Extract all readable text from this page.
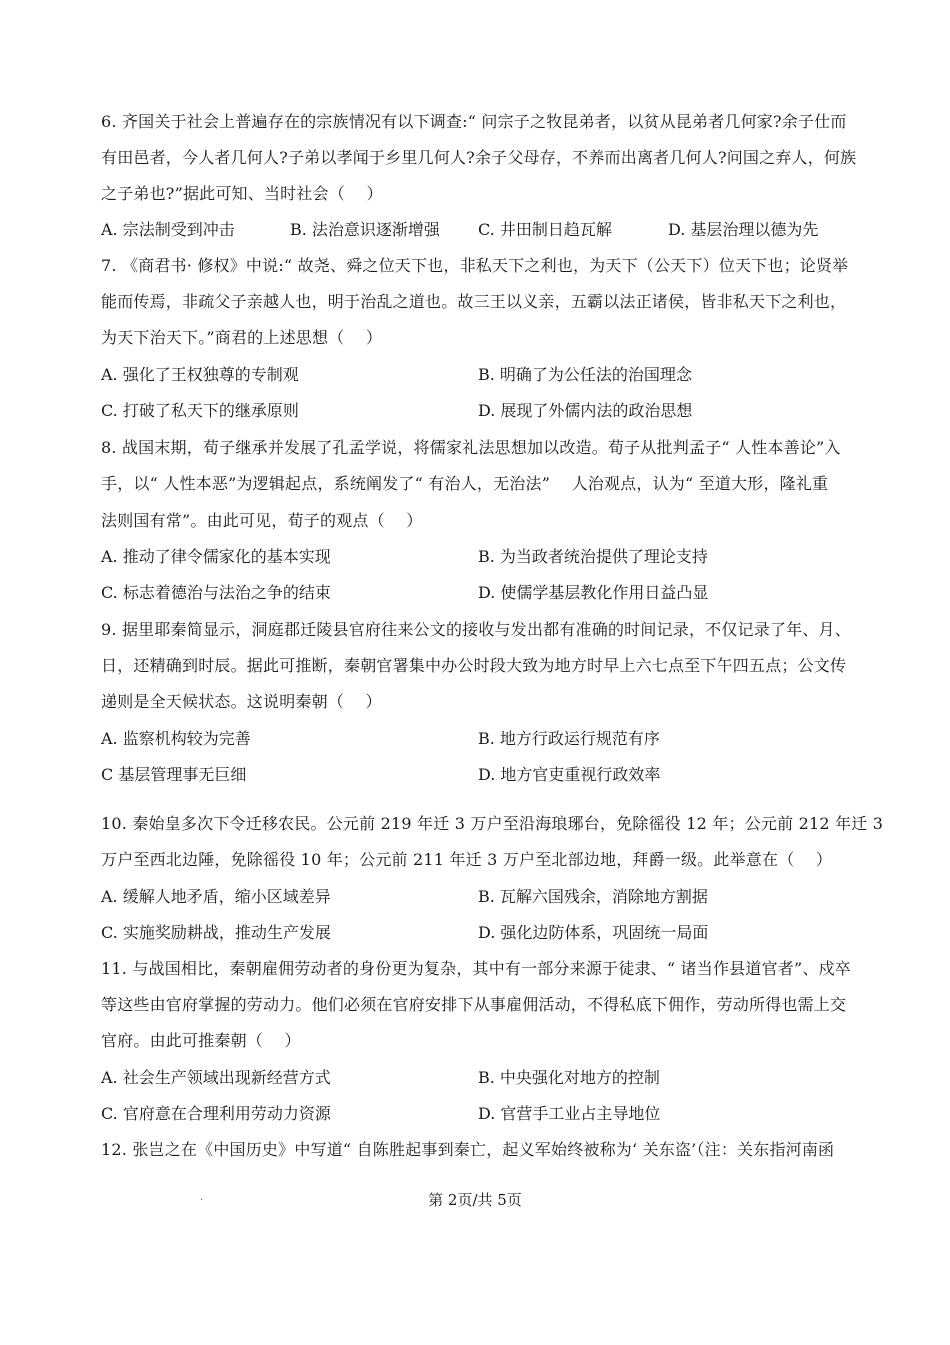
6. 齐国关于社会上普遍存在的宗族情况有以下调查:“ 问宗子之牧昆弟者，以贫从昆弟者几何家?余子仕而
有田邑者，今人者几何人?子弟以孝闻于乡里几何人?余子父母存，不养而出离者几何人?问国之弃人，何族
之子弟也?”据此可知、当时社会（　 ）
A. 宗法制受到冲击	B. 法治意识逐渐增强 C. 井田制日趋瓦解	D. 基层治理以德为先
7. 《商君书· 修权》中说:“ 故尧、舜之位天下也，非私天下之利也，为天下（公天下）位天下也；论贤举
能而传焉，非疏父子亲越人也，明于治乱之道也。故三王以义亲，五霸以法正诸侯，皆非私天下之利也，
为天下治天下。”商君的上述思想（　 ）
A. 强化了王权独尊的专制观	B. 明确了为公任法的治国理念
C. 打破了私天下的继承原则	D. 展现了外儒内法的政治思想
8. 战国末期，荀子继承并发展了孔孟学说，将儒家礼法思想加以改造。荀子从批判孟子“ 人性本善论”入
手，以“ 人性本恶”为逻辑起点，系统阐发了“ 有治人，无治法”　 人治观点，认为“ 至道大形，隆礼重
法则国有常”。由此可见，荀子的观点（　 ）
A. 推动了律令儒家化的基本实现	B. 为当政者统治提供了理论支持
C. 标志着德治与法治之争的结束	D. 使儒学基层教化作用日益凸显
9. 据里耶秦简显示，洞庭郡迁陵县官府往来公文的接收与发出都有准确的时间记录，不仅记录了年、月、
日，还精确到时辰。据此可推断，秦朝官署集中办公时段大致为地方时早上六七点至下午四五点；公文传
递则是全天候状态。这说明秦朝（　 ）
A. 监察机构较为完善	B. 地方行政运行规范有序
C 基层管理事无巨细	D. 地方官吏重视行政效率
10. 秦始皇多次下令迁移农民。公元前 219 年迁 3 万户至沿海琅琊台，免除徭役 12 年；公元前 212 年迁 3
万户至西北边陲，免除徭役 10 年；公元前 211 年迁 3 万户至北部边地，拜爵一级。此举意在（　 ）
A. 缓解人地矛盾，缩小区域差异	B. 瓦解六国残余，消除地方割据
C. 实施奖励耕战，推动生产发展	D. 强化边防体系，巩固统一局面
11. 与战国相比，秦朝雇佣劳动者的身份更为复杂，其中有一部分来源于徒隶、“ 诸当作县道官者”、戍卒
等这些由官府掌握的劳动力。他们必须在官府安排下从事雇佣活动，不得私底下佣作，劳动所得也需上交
官府。由此可推秦朝（　 ）
A. 社会生产领域出现新经营方式	B. 中央强化对地方的控制
C. 官府意在合理利用劳动力资源	D. 官营手工业占主导地位
12. 张岂之在《中国历史》中写道“ 自陈胜起事到秦亡，起义军始终被称为‘ 关东盗’（注：关东指河南函
.	第 2页/共 5页
